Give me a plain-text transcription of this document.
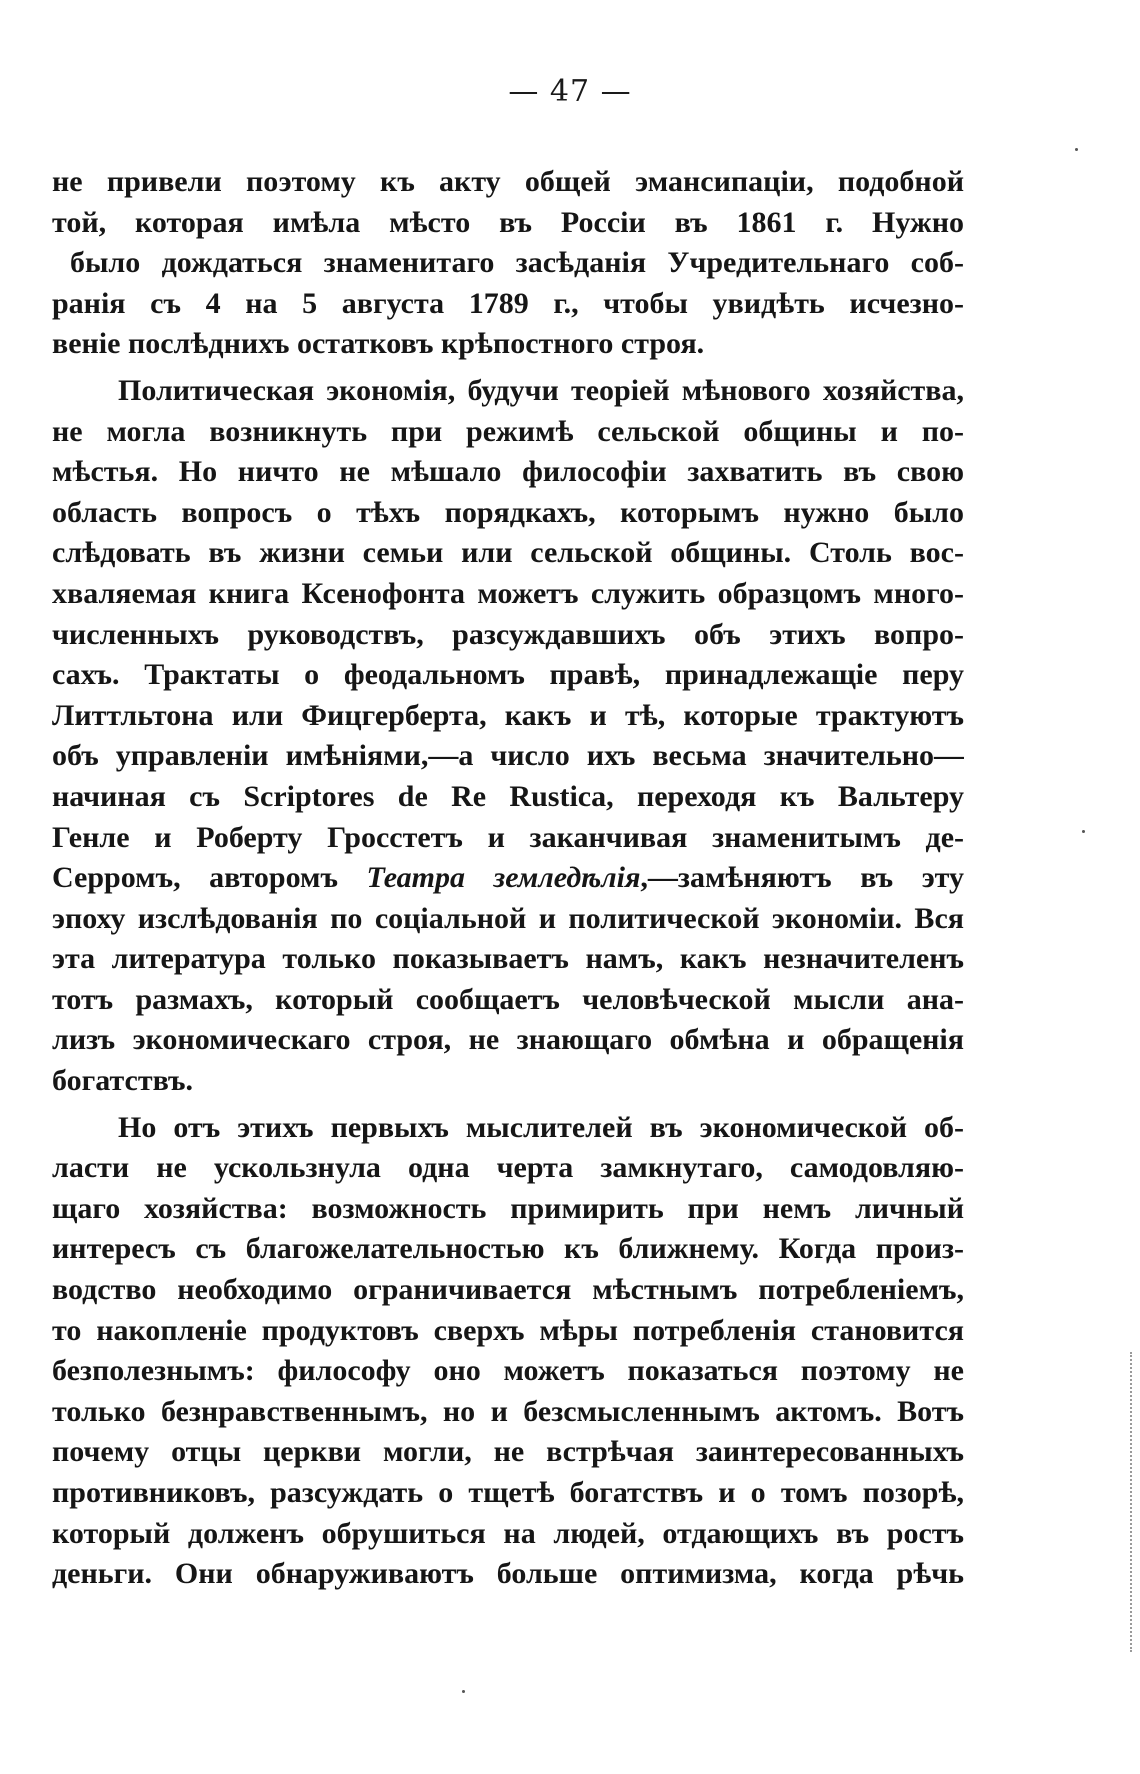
— 47 —
не привели поэтому къ акту общей эмансипаціи, подобной
той, которая имѣла мѣсто въ Россіи въ 1861 г. Нужно
было дождаться знаменитаго засѣданія Учредительнаго соб-
ранія съ 4 на 5 августа 1789 г., чтобы увидѣть исчезно-
веніе послѣднихъ остатковъ крѣпостного строя.
Политическая экономія, будучи теоріей мѣнового хозяйства,
не могла возникнуть при режимѣ сельской общины и по-
мѣстья. Но ничто не мѣшало философіи захватить въ свою
область вопросъ о тѣхъ порядкахъ, которымъ нужно было
слѣдовать въ жизни семьи или сельской общины. Столь вос-
хваляемая книга Ксенофонта можетъ служить образцомъ много-
численныхъ руководствъ, разсуждавшихъ объ этихъ вопро-
сахъ. Трактаты о феодальномъ правѣ, принадлежащіе перу
Литтльтона или Фицгерберта, какъ и тѣ, которые трактуютъ
объ управленіи имѣніями,—а число ихъ весьма значительно—
начиная съ Scriptores de Re Rustica, переходя къ Вальтеру
Генле и Роберту Гросстетъ и заканчивая знаменитымъ де-
Серромъ, авторомъ Театра земледѣлія,—замѣняютъ въ эту
эпоху изслѣдованія по соціальной и политической экономіи. Вся
эта литература только показываетъ намъ, какъ незначителенъ
тотъ размахъ, который сообщаетъ человѣческой мысли ана-
лизъ экономическаго строя, не знающаго обмѣна и обращенія
богатствъ.
Но отъ этихъ первыхъ мыслителей въ экономической об-
ласти не ускользнула одна черта замкнутаго, самодовляю-
щаго хозяйства: возможность примирить при немъ личный
интересъ съ благожелательностью къ ближнему. Когда произ-
водство необходимо ограничивается мѣстнымъ потребленіемъ,
то накопленіе продуктовъ сверхъ мѣры потребленія становится
безполезнымъ: философу оно можетъ показаться поэтому не
только безнравственнымъ, но и безсмысленнымъ актомъ. Вотъ
почему отцы церкви могли, не встрѣчая заинтересованныхъ
противниковъ, разсуждать о тщетѣ богатствъ и о томъ позорѣ,
который долженъ обрушиться на людей, отдающихъ въ ростъ
деньги. Они обнаруживаютъ больше оптимизма, когда рѣчь
